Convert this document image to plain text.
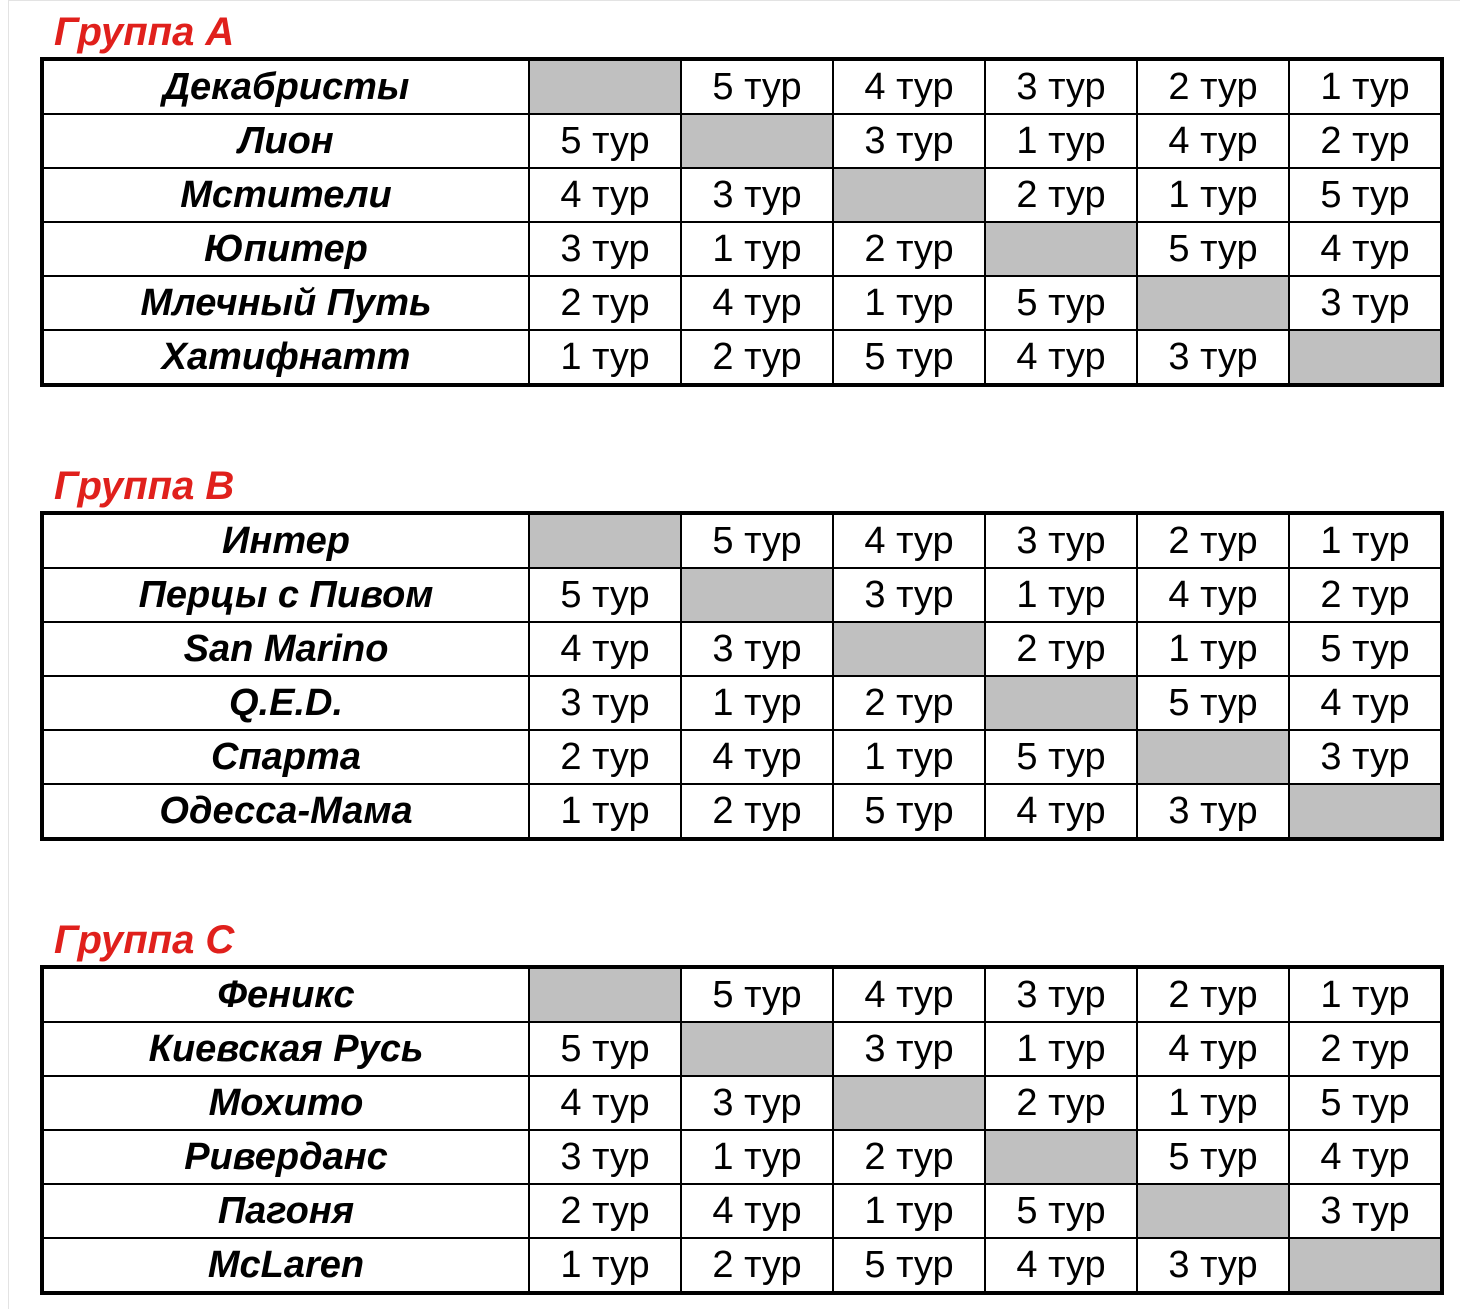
Группа А
Декабристы		5 тур	4 тур	3 тур	2 тур	1 тур
Лион	5 тур		3 тур	1 тур	4 тур	2 тур
Мстители	4 тур	3 тур		2 тур	1 тур	5 тур
Юпитер	3 тур	1 тур	2 тур		5 тур	4 тур
Млечный Путь	2 тур	4 тур	1 тур	5 тур		3 тур
Хатифнатт	1 тур	2 тур	5 тур	4 тур	3 тур	
Группа B
Интер		5 тур	4 тур	3 тур	2 тур	1 тур
Перцы с Пивом	5 тур		3 тур	1 тур	4 тур	2 тур
San Marino	4 тур	3 тур		2 тур	1 тур	5 тур
Q.E.D.	3 тур	1 тур	2 тур		5 тур	4 тур
Спарта	2 тур	4 тур	1 тур	5 тур		3 тур
Одесса-Мама	1 тур	2 тур	5 тур	4 тур	3 тур	
Группа С
Феникс		5 тур	4 тур	3 тур	2 тур	1 тур
Киевская Русь	5 тур		3 тур	1 тур	4 тур	2 тур
Мохито	4 тур	3 тур		2 тур	1 тур	5 тур
Риверданс	3 тур	1 тур	2 тур		5 тур	4 тур
Пагоня	2 тур	4 тур	1 тур	5 тур		3 тур
McLaren	1 тур	2 тур	5 тур	4 тур	3 тур	
